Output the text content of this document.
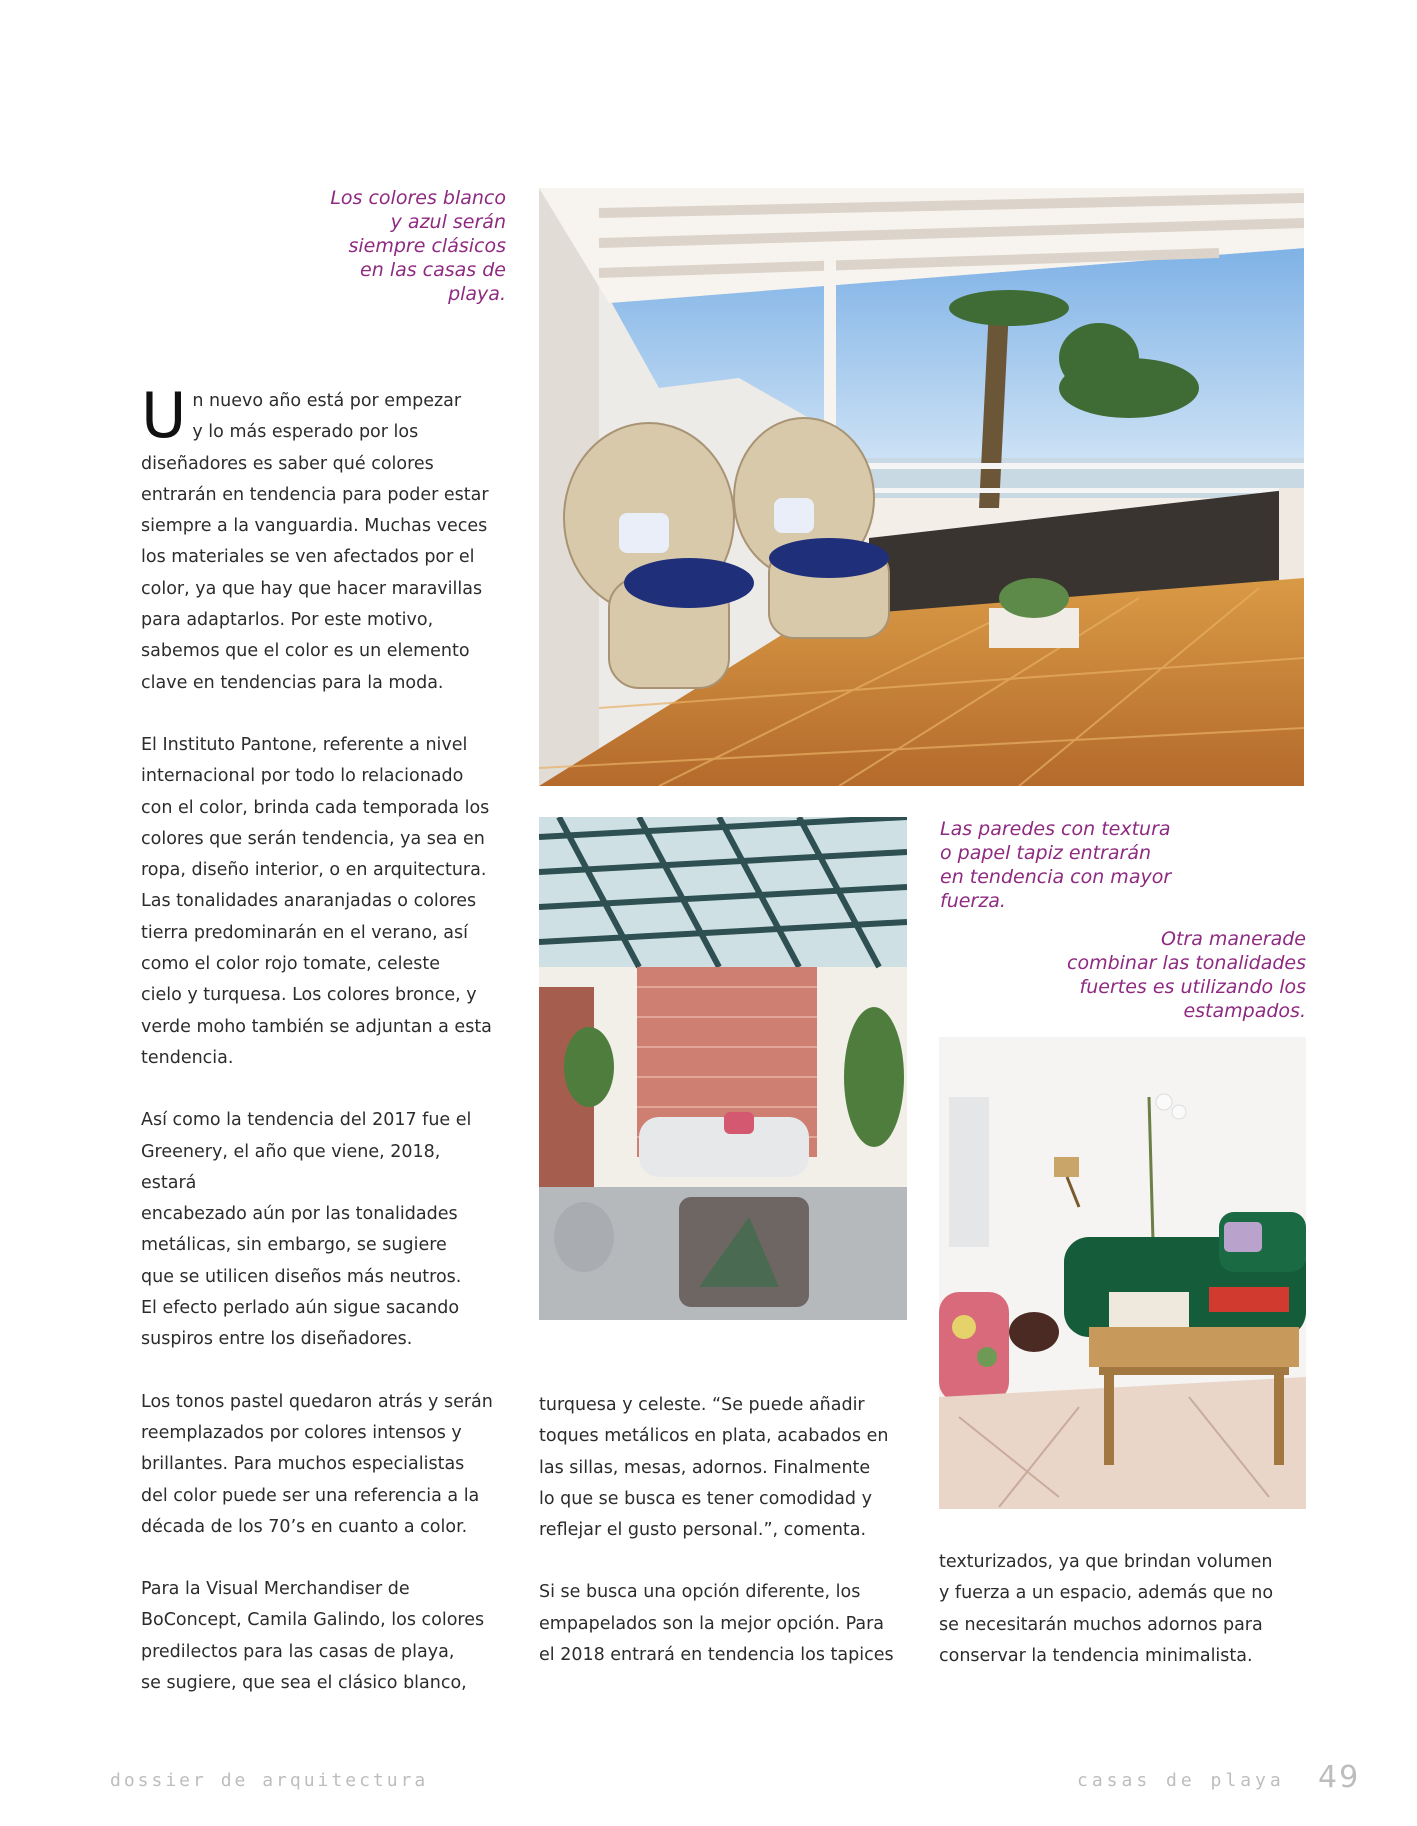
Los colores blanco

y azul serán

siempre clásicos

en las casas de

playa.

Un nuevo año está por empezar
y lo más esperado por los
diseñadores es saber qué colores
entrarán en tendencia para poder estar
siempre a la vanguardia. Muchas veces
los materiales se ven afectados por el
color, ya que hay que hacer maravillas
para adaptarlos. Por este motivo,
sabemos que el color es un elemento
clave en tendencias para la moda.

El Instituto Pantone, referente a nivel
internacional por todo lo relacionado
con el color, brinda cada temporada los
colores que serán tendencia, ya sea en
ropa, diseño interior, o en arquitectura.
Las tonalidades anaranjadas o colores
tierra predominarán en el verano, así
como el color rojo tomate, celeste
cielo y turquesa. Los colores bronce, y
verde moho también se adjuntan a esta
tendencia.

Así como la tendencia del 2017 fue el
Greenery, el año que viene, 2018, estará
encabezado aún por las tonalidades
metálicas, sin embargo, se sugiere
que se utilicen diseños más neutros.
El efecto perlado aún sigue sacando
suspiros entre los diseñadores.

Los tonos pastel quedaron atrás y serán
reemplazados por colores intensos y
brillantes. Para muchos especialistas
del color puede ser una referencia a la
década de los 70’s en cuanto a color.

Para la Visual Merchandiser de
BoConcept, Camila Galindo, los colores
predilectos para las casas de playa,
se sugiere, que sea el clásico blanco,

Las paredes con textura

o papel tapiz entrarán

en tendencia con mayor

fuerza.

Otra manerade

combinar las tonalidades

fuertes es utilizando los

estampados.

turquesa y celeste. “Se puede añadir
toques metálicos en plata, acabados en
las sillas, mesas, adornos. Finalmente
lo que se busca es tener comodidad y
reflejar el gusto personal.”, comenta.

Si se busca una opción diferente, los
empapelados son la mejor opción. Para
el 2018 entrará en tendencia los tapices

texturizados, ya que brindan volumen
y fuerza a un espacio, además que no
se necesitarán muchos adornos para
conservar la tendencia minimalista.

dossier de arquitectura	casas de playa 49
